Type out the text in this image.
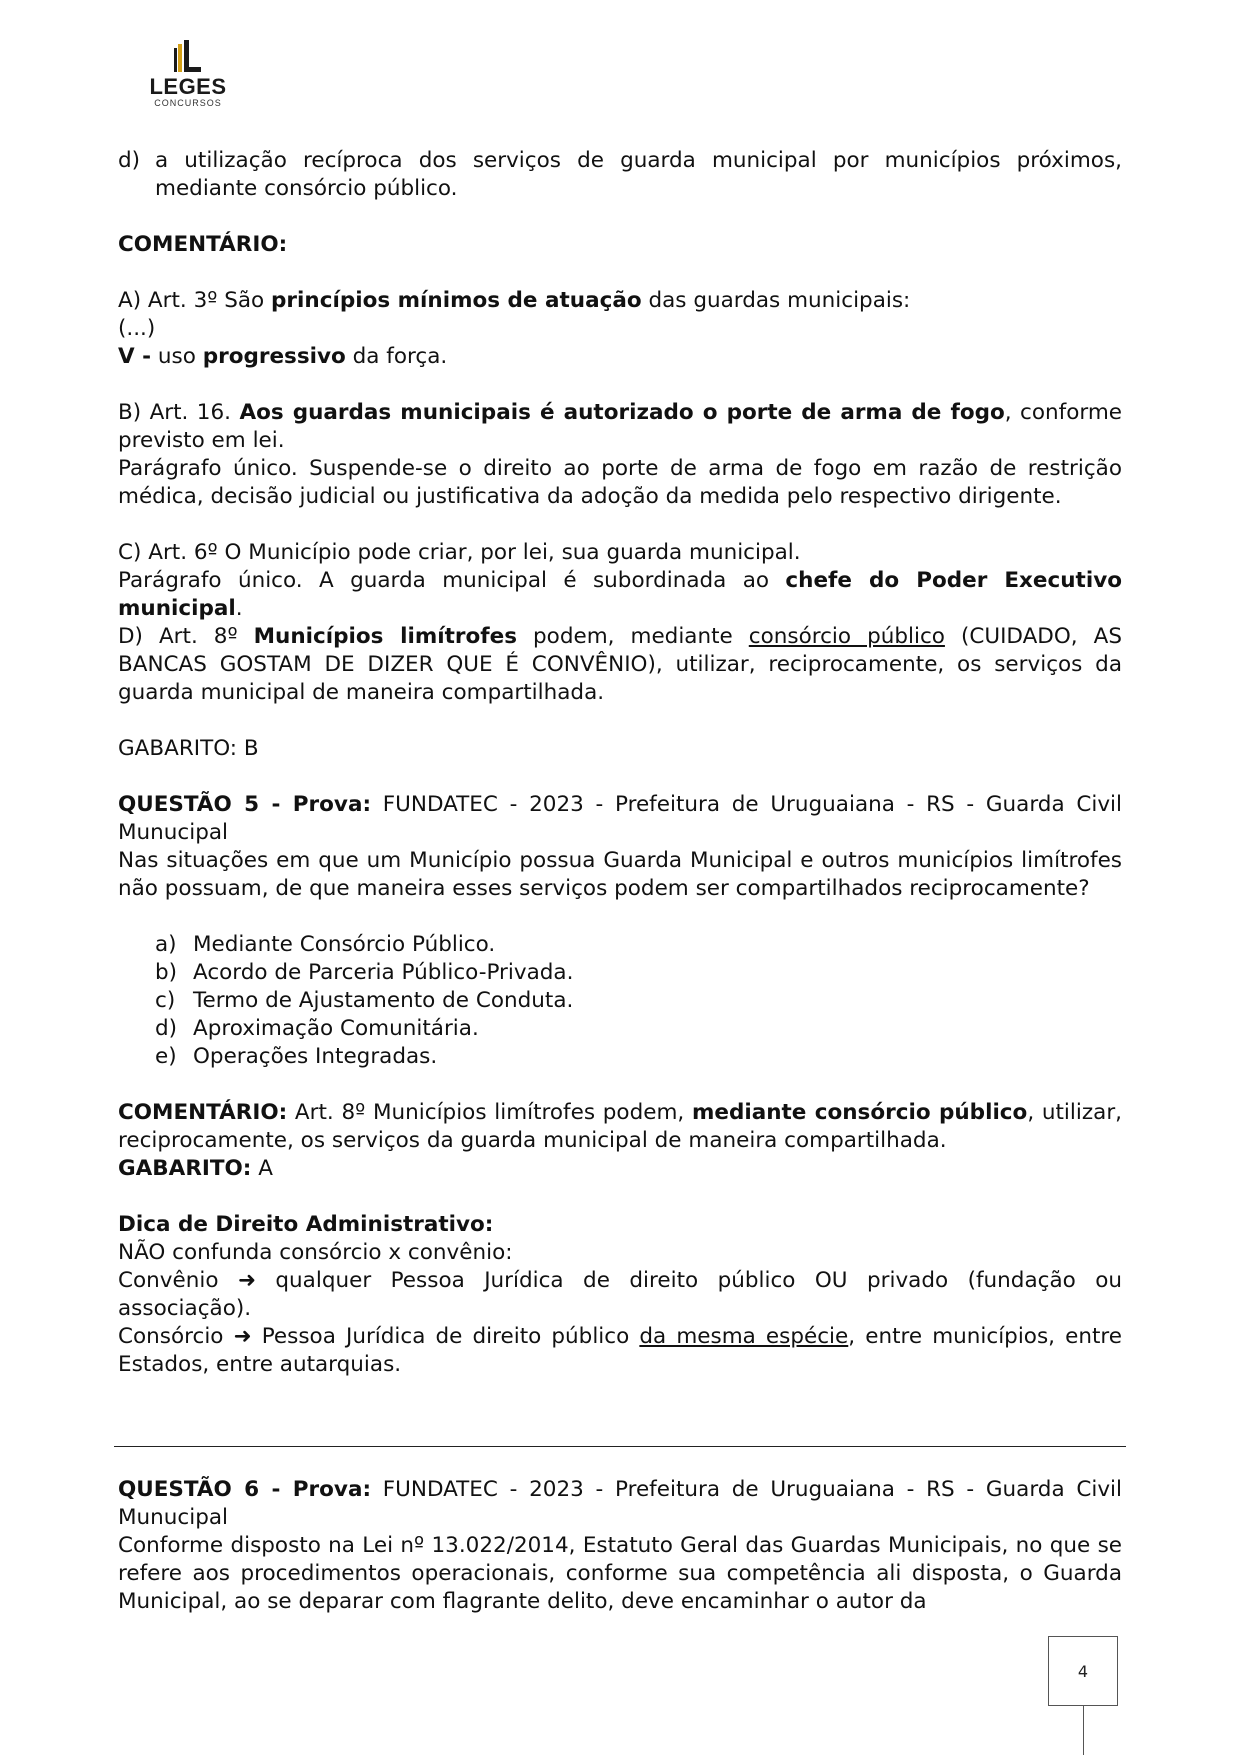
LEGES
CONCURSOS
d) a utilização recíproca dos serviços de guarda municipal por municípios próximos, mediante consórcio público.

COMENTÁRIO:

A) Art. 3º São princípios mínimos de atuação das guardas municipais:

(...)

V - uso progressivo da força.

B) Art. 16. Aos guardas municipais é autorizado o porte de arma de fogo, conforme previsto em lei.

Parágrafo único. Suspende-se o direito ao porte de arma de fogo em razão de restrição médica, decisão judicial ou justificativa da adoção da medida pelo respectivo dirigente.

C) Art. 6º O Município pode criar, por lei, sua guarda municipal.

Parágrafo único. A guarda municipal é subordinada ao chefe do Poder Executivo municipal.

D) Art. 8º Municípios limítrofes podem, mediante consórcio público (CUIDADO, AS BANCAS GOSTAM DE DIZER QUE É CONVÊNIO), utilizar, reciprocamente, os serviços da guarda municipal de maneira compartilhada.

GABARITO: B

QUESTÃO 5 - Prova: FUNDATEC - 2023 - Prefeitura de Uruguaiana - RS - Guarda Civil Munucipal

Nas situações em que um Município possua Guarda Municipal e outros municípios limítrofes não possuam, de que maneira esses serviços podem ser compartilhados reciprocamente?

a) Mediante Consórcio Público.
b) Acordo de Parceria Público-Privada.
c) Termo de Ajustamento de Conduta.
d) Aproximação Comunitária.
e) Operações Integradas.

COMENTÁRIO: Art. 8º Municípios limítrofes podem, mediante consórcio público, utilizar, reciprocamente, os serviços da guarda municipal de maneira compartilhada.

GABARITO: A

Dica de Direito Administrativo:

NÃO confunda consórcio x convênio:

Convênio ➜ qualquer Pessoa Jurídica de direito público OU privado (fundação ou associação).

Consórcio ➜ Pessoa Jurídica de direito público da mesma espécie, entre municípios, entre Estados, entre autarquias.

QUESTÃO 6 - Prova: FUNDATEC - 2023 - Prefeitura de Uruguaiana - RS - Guarda Civil Munucipal

Conforme disposto na Lei nº 13.022/2014, Estatuto Geral das Guardas Municipais, no que se refere aos procedimentos operacionais, conforme sua competência ali disposta, o Guarda Municipal, ao se deparar com flagrante delito, deve encaminhar o autor da

4
